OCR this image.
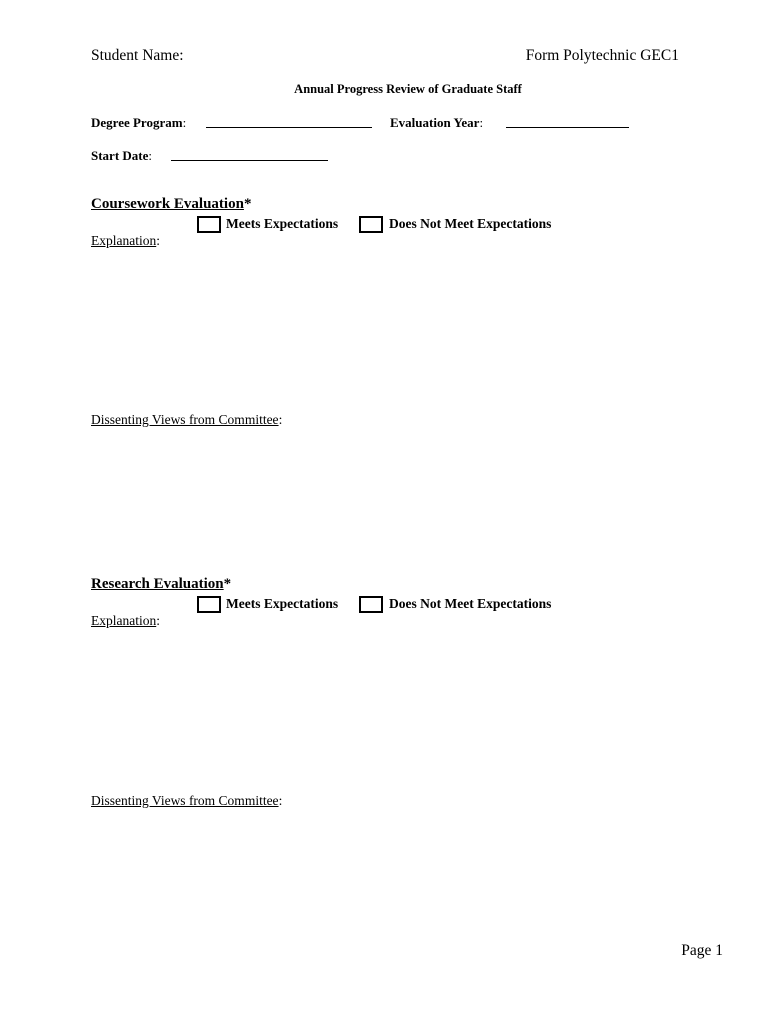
Student Name:	Form Polytechnic GEC1
Annual Progress Review of Graduate Staff
Degree Program:	Evaluation Year:
Start Date:
Coursework Evaluation*
Meets Expectations	Does Not Meet Expectations
Explanation:
Dissenting Views from Committee:
Research Evaluation*
Meets Expectations	Does Not Meet Expectations
Explanation:
Dissenting Views from Committee:
Page 1
